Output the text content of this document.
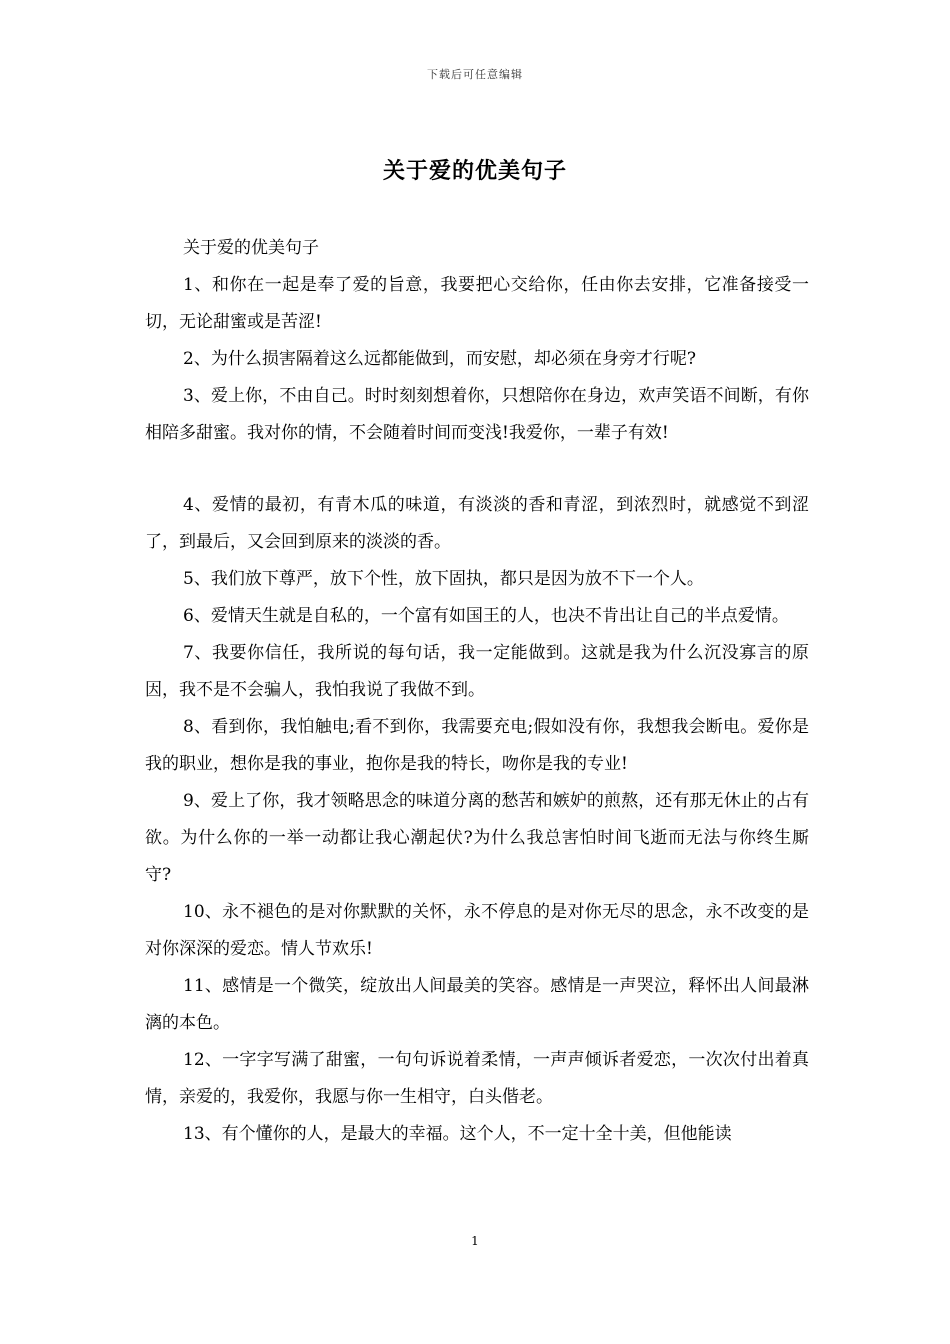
下载后可任意编辑
关于爱的优美句子

关于爱的优美句子

1、和你在一起是奉了爱的旨意，我要把心交给你，任由你去安排，它准备接受一切，无论甜蜜或是苦涩!

2、为什么损害隔着这么远都能做到，而安慰，却必须在身旁才行呢?

3、爱上你，不由自己。时时刻刻想着你，只想陪你在身边，欢声笑语不间断，有你相陪多甜蜜。我对你的情，不会随着时间而变浅!我爱你，一辈子有效!

4、爱情的最初，有青木瓜的味道，有淡淡的香和青涩，到浓烈时，就感觉不到涩了，到最后，又会回到原来的淡淡的香。

5、我们放下尊严，放下个性，放下固执，都只是因为放不下一个人。

6、爱情天生就是自私的，一个富有如国王的人，也决不肯出让自己的半点爱情。

7、我要你信任，我所说的每句话，我一定能做到。这就是我为什么沉没寡言的原因，我不是不会骗人，我怕我说了我做不到。

8、看到你，我怕触电;看不到你，我需要充电;假如没有你，我想我会断电。爱你是我的职业，想你是我的事业，抱你是我的特长，吻你是我的专业!

9、爱上了你，我才领略思念的味道分离的愁苦和嫉妒的煎熬，还有那无休止的占有欲。为什么你的一举一动都让我心潮起伏?为什么我总害怕时间飞逝而无法与你终生厮守?

10、永不褪色的是对你默默的关怀，永不停息的是对你无尽的思念，永不改变的是对你深深的爱恋。情人节欢乐!

11、感情是一个微笑，绽放出人间最美的笑容。感情是一声哭泣，释怀出人间最淋漓的本色。

12、一字字写满了甜蜜，一句句诉说着柔情，一声声倾诉者爱恋，一次次付出着真情，亲爱的，我爱你，我愿与你一生相守，白头偕老。

13、有个懂你的人，是最大的幸福。这个人，不一定十全十美，但他能读

1
